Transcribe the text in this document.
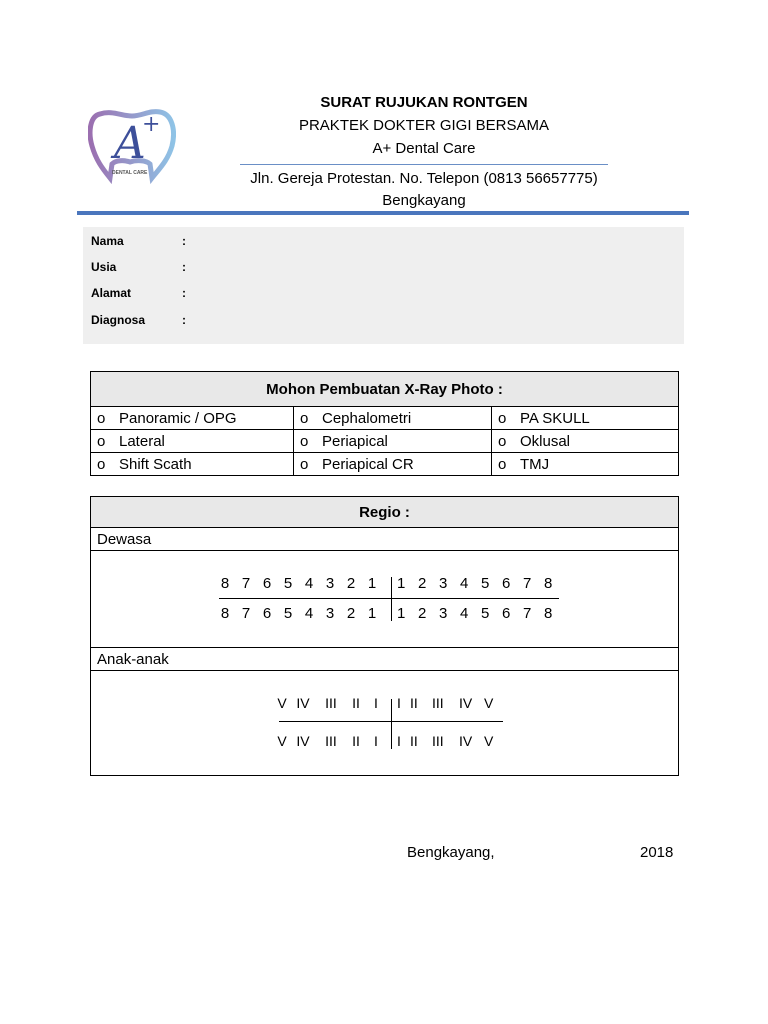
A
+
DENTAL CARE
SURAT RUJUKAN RONTGEN
PRAKTEK DOKTER GIGI BERSAMA
A+ Dental Care
Jln. Gereja Protestan. No. Telepon (0813 56657775)
Bengkayang
Nama	:
Usia	:
Alamat	:
Diagnosa	:
Mohon Pembuatan X-Ray Photo :		
o Panoramic / OPG	o Cephalometri	o PA SKULL
o Lateral	o Periapical	o Oklusal
o Shift Scath	o Periapical CR	o TMJ
Regio :
Dewasa

8 7 6 5 4 3 2 1 1 2 3 4 5 6 7 8
8 7 6 5 4 3 2 1 1 2 3 4 5 6 7 8

Anak-anak

V IV III II	I	I II III IV V
V IV III II	I	I II III IV V
Bengkayang,	2018
